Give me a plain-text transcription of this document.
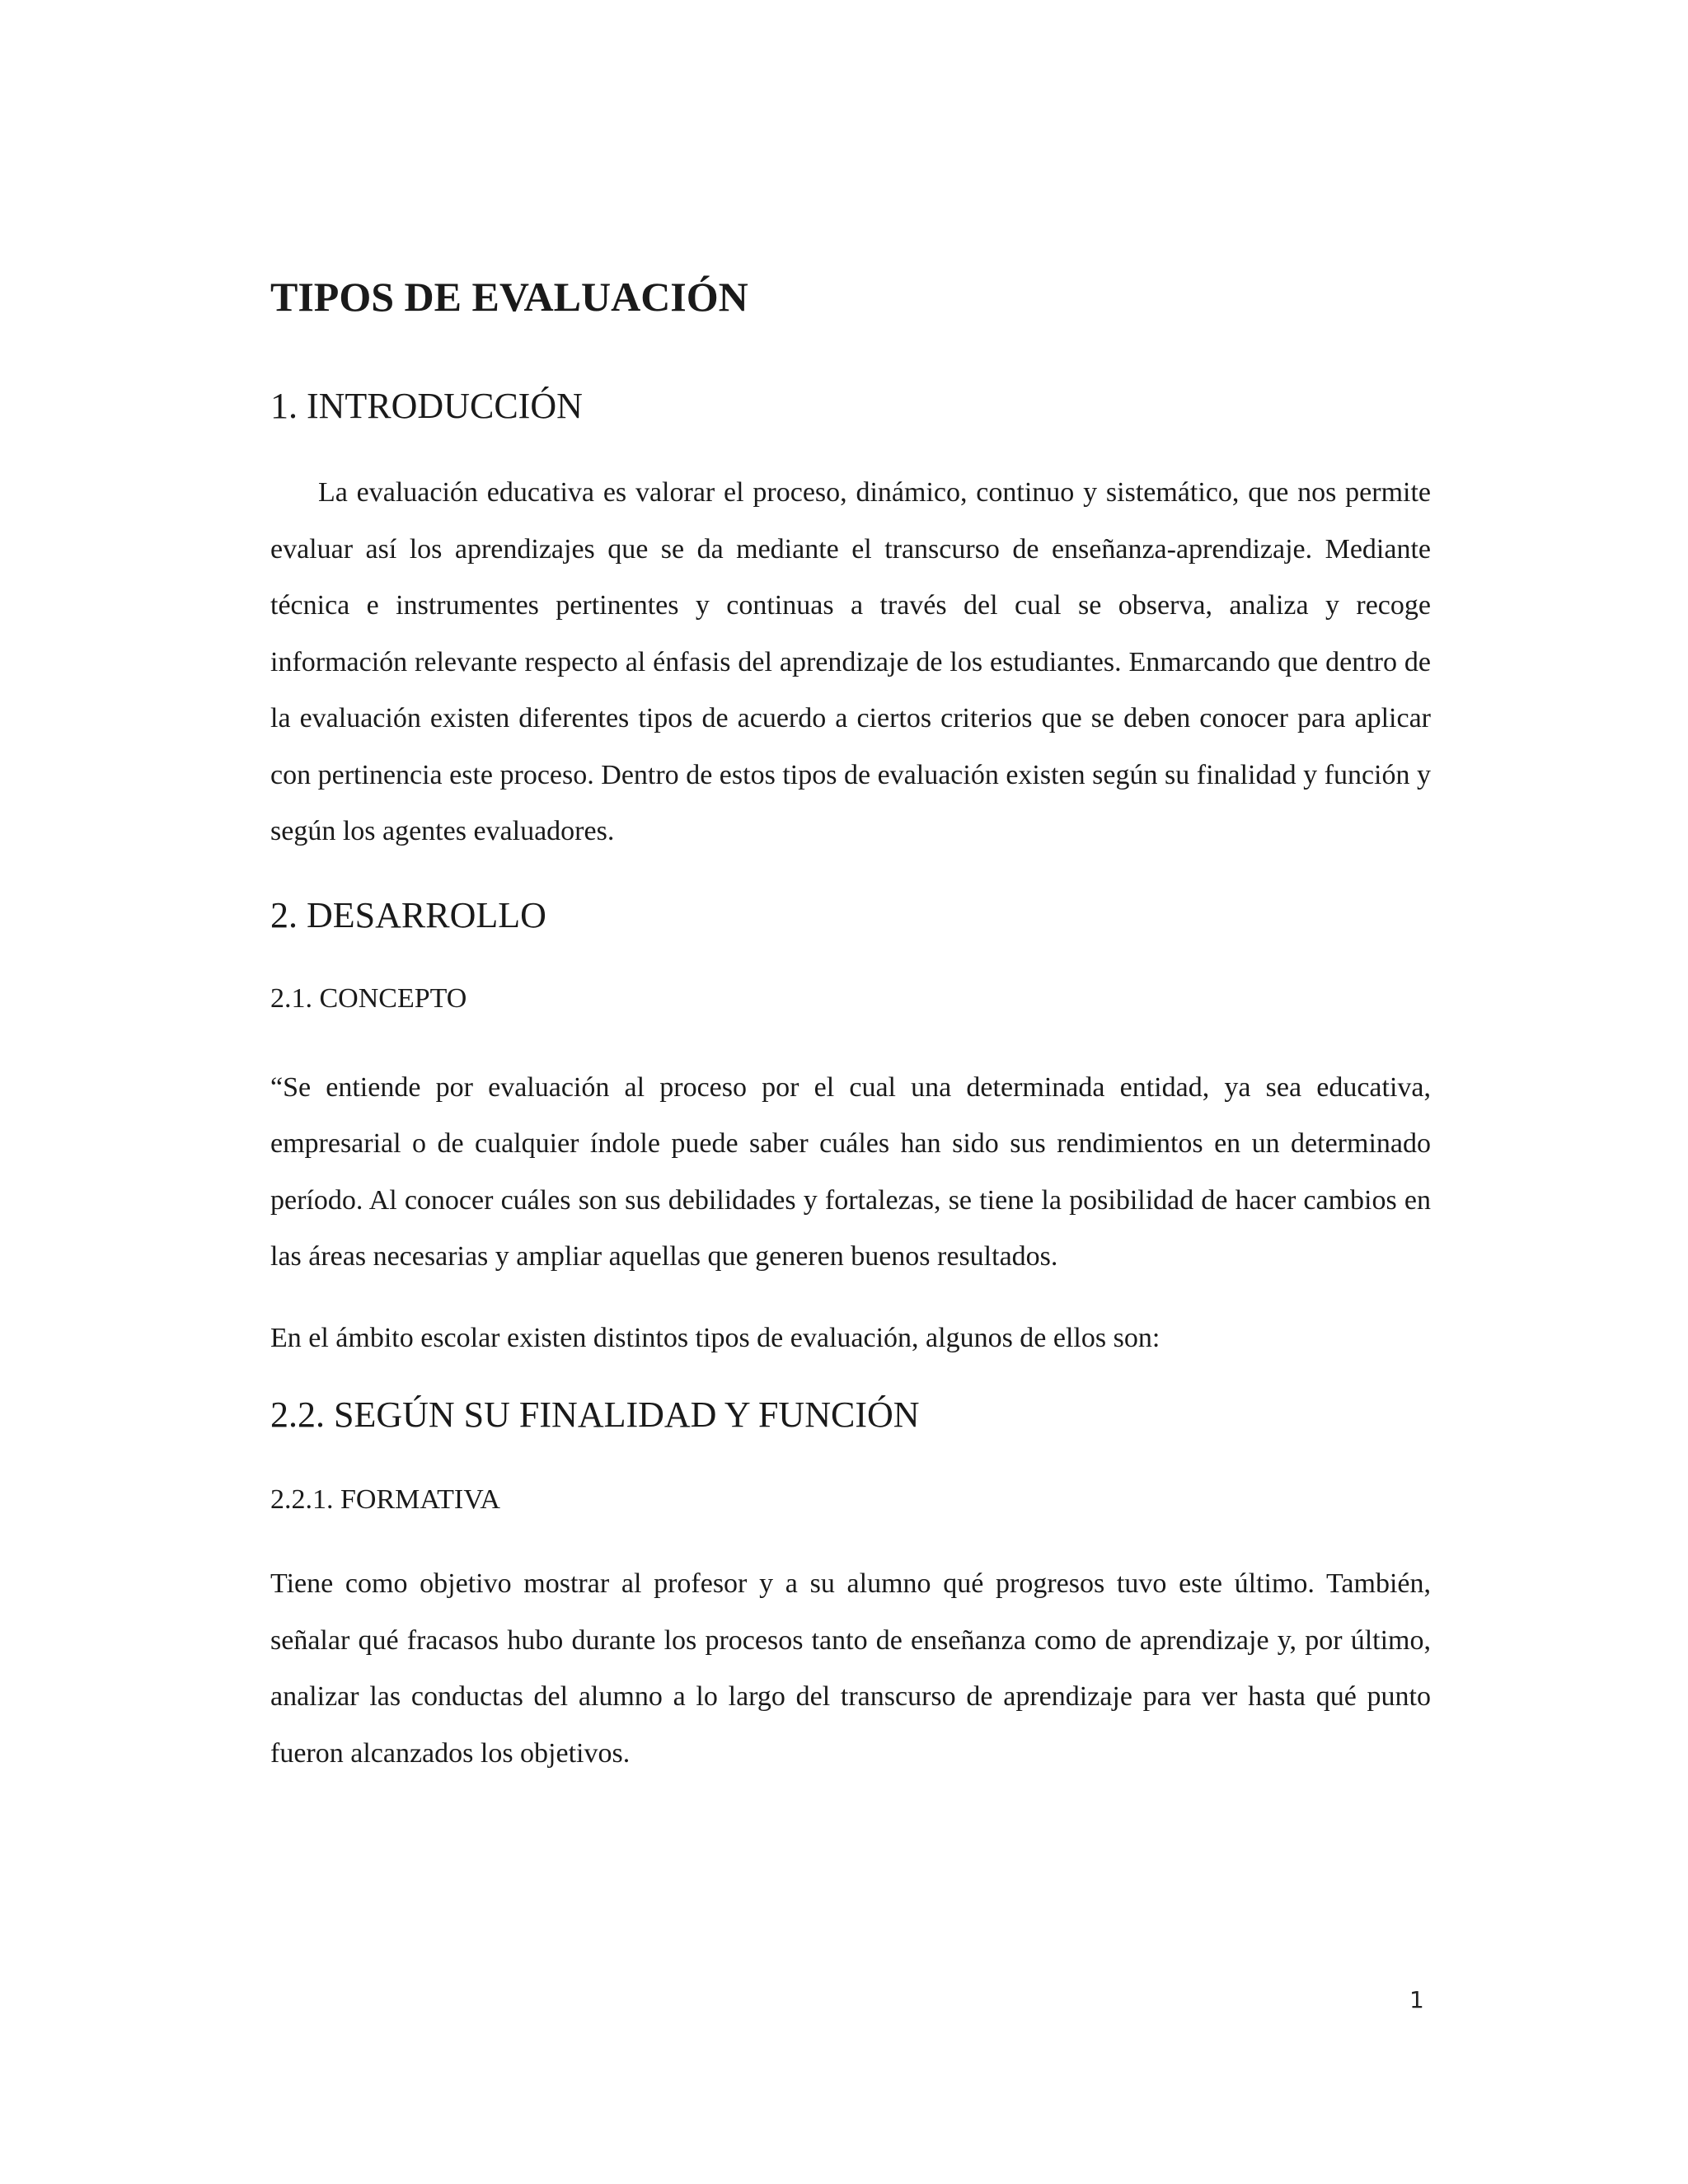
TIPOS DE EVALUACIÓN
1. INTRODUCCIÓN

La evaluación educativa es valorar el proceso, dinámico, continuo y sistemático, que nos permite evaluar así los aprendizajes que se da mediante el transcurso de enseñanza-aprendizaje. Mediante técnica e instrumentes pertinentes y continuas a través del cual se observa, analiza y recoge información relevante respecto al énfasis del aprendizaje de los estudiantes. Enmarcando que dentro de la evaluación existen diferentes tipos de acuerdo a ciertos criterios que se deben conocer para aplicar con pertinencia este proceso. Dentro de estos tipos de evaluación existen según su finalidad y función y según los agentes evaluadores.

2. DESARROLLO
2.1. CONCEPTO

“Se entiende por evaluación al proceso por el cual una determinada entidad, ya sea educativa, empresarial o de cualquier índole puede saber cuáles han sido sus rendimientos en un determinado período. Al conocer cuáles son sus debilidades y fortalezas, se tiene la posibilidad de hacer cambios en las áreas necesarias y ampliar aquellas que generen buenos resultados.

En el ámbito escolar existen distintos tipos de evaluación, algunos de ellos son:

2.2. SEGÚN SU FINALIDAD Y FUNCIÓN
2.2.1. FORMATIVA

Tiene como objetivo mostrar al profesor y a su alumno qué progresos tuvo este último. También, señalar qué fracasos hubo durante los procesos tanto de enseñanza como de aprendizaje y, por último, analizar las conductas del alumno a lo largo del transcurso de aprendizaje para ver hasta qué punto fueron alcanzados los objetivos.

1
